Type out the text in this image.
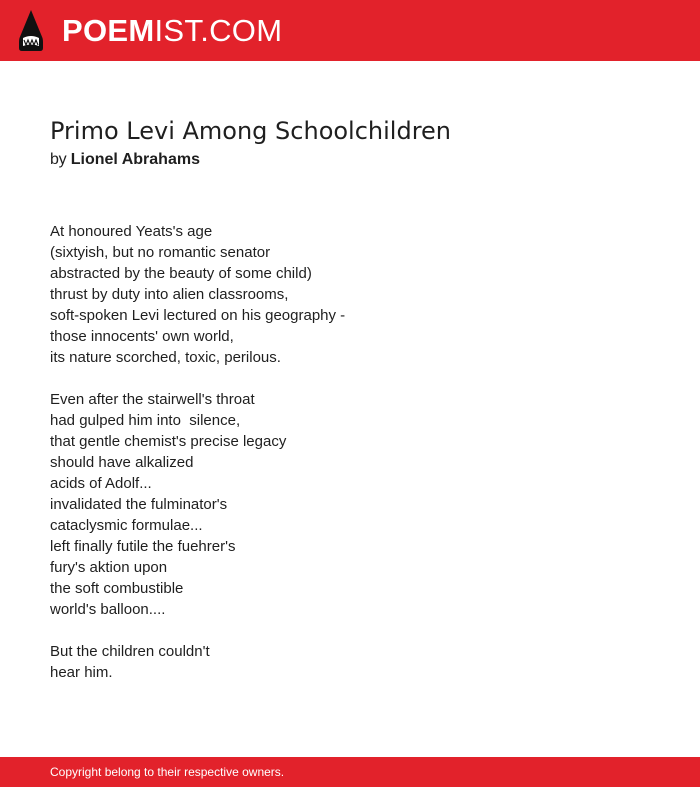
POEMIST.COM
Primo Levi Among Schoolchildren

by Lionel Abrahams

At honoured Yeats's age
(sixtyish, but no romantic senator
abstracted by the beauty of some child)
thrust by duty into alien classrooms,
soft-spoken Levi lectured on his geography -
those innocents' own world,
its nature scorched, toxic, perilous.

Even after the stairwell's throat
had gulped him into  silence,
that gentle chemist's precise legacy
should have alkalized
acids of Adolf...
invalidated the fulminator's
cataclysmic formulae...
left finally futile the fuehrer's
fury's aktion upon
the soft combustible
world's balloon....

But the children couldn't
hear him.

Copyright belong to their respective owners.
